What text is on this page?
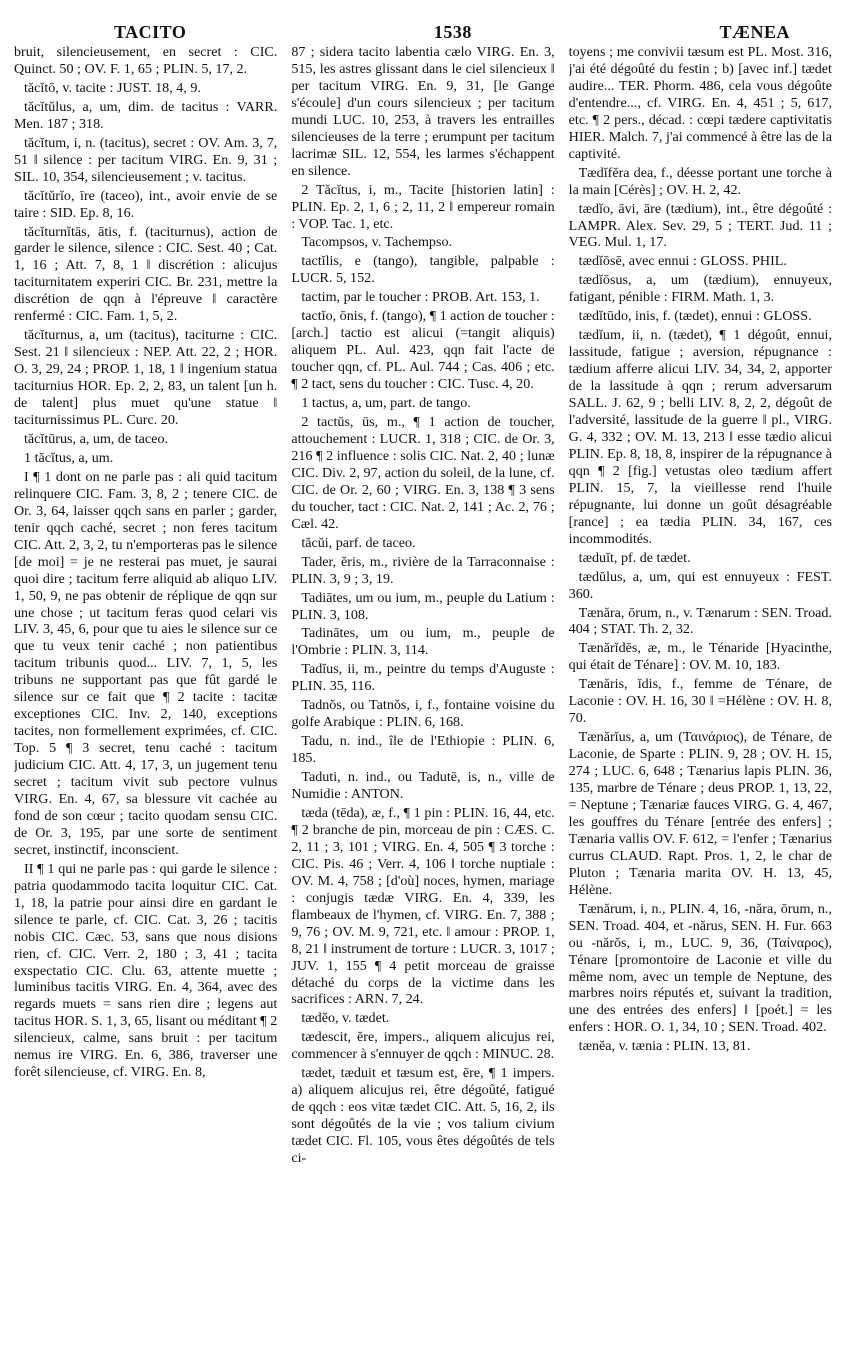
TACITO	1538	TÆNEA

bruit, silencieusement, en secret : CIC. Quinct. 50 ; OV. F. 1, 65 ; PLIN. 5, 17, 2.

tăcĭtō, v. tacite : JUST. 18, 4, 9.

tăcĭtŭlus, a, um, dim. de tacitus : VARR. Men. 187 ; 318.

tăcĭtum, i, n. (tacitus), secret : OV. Am. 3, 7, 51 ‖ silence : per tacitum VIRG. En. 9, 31 ; SIL. 10, 354, silencieusement ; v. tacitus.

tăcĭtŭrĭo, īre (taceo), int., avoir envie de se taire : SID. Ep. 8, 16.

tăcĭturnĭtās, ātis, f. (taciturnus), action de garder le silence, silence : CIC. Sest. 40 ; Cat. 1, 16 ; Att. 7, 8, 1 ‖ discrétion : alicujus taciturnitatem experiri CIC. Br. 231, mettre la discrétion de qqn à l'épreuve ‖ caractère renfermé : CIC. Fam. 1, 5, 2.

tăcĭturnus, a, um (tacitus), taciturne : CIC. Sest. 21 ‖ silencieux : NEP. Att. 22, 2 ; HOR. O. 3, 29, 24 ; PROP. 1, 18, 1 ‖ ingenium statua taciturnius HOR. Ep. 2, 2, 83, un talent [un h. de talent] plus muet qu'une statue ‖ taciturnissimus PL. Curc. 20.

tăcĭtūrus, a, um, de taceo.

1 tăcĭtus, a, um.

I ¶ 1 dont on ne parle pas : ali quid tacitum relinquere CIC. Fam. 3, 8, 2 ; tenere CIC. de Or. 3, 64, laisser qqch sans en parler ; garder, tenir qqch caché, secret ; non feres tacitum CIC. Att. 2, 3, 2, tu n'emporteras pas le silence [de moi] = je ne resterai pas muet, je saurai quoi dire ; tacitum ferre aliquid ab aliquo LIV. 1, 50, 9, ne pas obtenir de réplique de qqn sur une chose ; ut tacitum feras quod celari vis LIV. 3, 45, 6, pour que tu aies le silence sur ce que tu veux tenir caché ; non patientibus tacitum tribunis quod... LIV. 7, 1, 5, les tribuns ne supportant pas que fût gardé le silence sur ce fait que ¶ 2 tacite : tacitæ exceptiones CIC. Inv. 2, 140, exceptions tacites, non formellement exprimées, cf. CIC. Top. 5 ¶ 3 secret, tenu caché : tacitum judicium CIC. Att. 4, 17, 3, un jugement tenu secret ; tacitum vivit sub pectore vulnus VIRG. En. 4, 67, sa blessure vit cachée au fond de son cœur ; tacito quodam sensu CIC. de Or. 3, 195, par une sorte de sentiment secret, instinctif, inconscient.

II ¶ 1 qui ne parle pas : qui garde le silence : patria quodammodo tacita loquitur CIC. Cat. 1, 18, la patrie pour ainsi dire en gardant le silence te parle, cf. CIC. Cat. 3, 26 ; tacitis nobis CIC. Cæc. 53, sans que nous disions rien, cf. CIC. Verr. 2, 180 ; 3, 41 ; tacita exspectatio CIC. Clu. 63, attente muette ; luminibus tacitis VIRG. En. 4, 364, avec des regards muets = sans rien dire ; legens aut tacitus HOR. S. 1, 3, 65, lisant ou méditant ¶ 2 silencieux, calme, sans bruit : per tacitum nemus ire VIRG. En. 6, 386, traverser une forêt silencieuse, cf. VIRG. En. 8,

87 ; sidera tacito labentia cælo VIRG. En. 3, 515, les astres glissant dans le ciel silencieux ‖ per tacitum VIRG. En. 9, 31, [le Gange s'écoule] d'un cours silencieux ; per tacitum mundi LUC. 10, 253, à travers les entrailles silencieuses de la terre ; erumpunt per tacitum lacrimæ SIL. 12, 554, les larmes s'échappent en silence.

2 Tăcĭtus, i, m., Tacite [historien latin] : PLIN. Ep. 2, 1, 6 ; 2, 11, 2 ‖ empereur romain : VOP. Tac. 1, etc.

Tacompsos, v. Tachempso.

tactĭlis, e (tango), tangible, palpable : LUCR. 5, 152.

tactim, par le toucher : PROB. Art. 153, 1.

tactĭo, ōnis, f. (tango), ¶ 1 action de toucher : [arch.] tactio est alicui (=tangit aliquis) aliquem PL. Aul. 423, qqn fait l'acte de toucher qqn, cf. PL. Aul. 744 ; Cas. 406 ; etc. ¶ 2 tact, sens du toucher : CIC. Tusc. 4, 20.

1 tactus, a, um, part. de tango.

2 tactŭs, ūs, m., ¶ 1 action de toucher, attouchement : LUCR. 1, 318 ; CIC. de Or. 3, 216 ¶ 2 influence : solis CIC. Nat. 2, 40 ; lunæ CIC. Div. 2, 97, action du soleil, de la lune, cf. CIC. de Or. 2, 60 ; VIRG. En. 3, 138 ¶ 3 sens du toucher, tact : CIC. Nat. 2, 141 ; Ac. 2, 76 ; Cæl. 42.

tăcŭi, parf. de taceo.

Tader, ĕris, m., rivière de la Tarraconnaise : PLIN. 3, 9 ; 3, 19.

Tadiātes, um ou ium, m., peuple du Latium : PLIN. 3, 108.

Tadinātes, um ou ium, m., peuple de l'Ombrie : PLIN. 3, 114.

Tadĭus, ii, m., peintre du temps d'Auguste : PLIN. 35, 116.

Tadnŏs, ou Tatnŏs, i, f., fontaine voisine du golfe Arabique : PLIN. 6, 168.

Tadu, n. ind., île de l'Ethiopie : PLIN. 6, 185.

Taduti, n. ind., ou Tadutē, is, n., ville de Numidie : ANTON.

tæda (tēda), æ, f., ¶ 1 pin : PLIN. 16, 44, etc. ¶ 2 branche de pin, morceau de pin : CÆS. C. 2, 11 ; 3, 101 ; VIRG. En. 4, 505 ¶ 3 torche : CIC. Pis. 46 ; Verr. 4, 106 ‖ torche nuptiale : OV. M. 4, 758 ; [d'où] noces, hymen, mariage : conjugis tædæ VIRG. En. 4, 339, les flambeaux de l'hymen, cf. VIRG. En. 7, 388 ; 9, 76 ; OV. M. 9, 721, etc. ‖ amour : PROP. 1, 8, 21 ‖ instrument de torture : LUCR. 3, 1017 ; JUV. 1, 155 ¶ 4 petit morceau de graisse détaché du corps de la victime dans les sacrifices : ARN. 7, 24.

tædĕo, v. tædet.

tædescit, ĕre, impers., aliquem alicujus rei, commencer à s'ennuyer de qqch : MINUC. 28.

tædet, tæduit et tæsum est, ēre, ¶ 1 impers. a) aliquem alicujus rei, être dégoûté, fatigué de qqch : eos vitæ tædet CIC. Att. 5, 16, 2, ils sont dégoûtés de la vie ; vos talium civium tædet CIC. Fl. 105, vous êtes dégoûtés de tels ci-

toyens ; me convivii tæsum est PL. Most. 316, j'ai été dégoûté du festin ; b) [avec inf.] tædet audire... TER. Phorm. 486, cela vous dégoûte d'entendre..., cf. VIRG. En. 4, 451 ; 5, 617, etc. ¶ 2 pers., décad. : cœpi tædere captivitatis HIER. Malch. 7, j'ai commencé à être las de la captivité.

Tædĭfĕra dea, f., déesse portant une torche à la main [Cérès] ; OV. H. 2, 42.

tædĭo, āvi, āre (tædium), int., être dégoûté : LAMPR. Alex. Sev. 29, 5 ; TERT. Jud. 11 ; VEG. Mul. 1, 17.

tædĭōsē, avec ennui : GLOSS. PHIL.

tædĭōsus, a, um (tædium), ennuyeux, fatigant, pénible : FIRM. Math. 1, 3.

tædĭtūdo, inis, f. (tædet), ennui : GLOSS.

tædĭum, ii, n. (tædet), ¶ 1 dégoût, ennui, lassitude, fatigue ; aversion, répugnance : tædium afferre alicui LIV. 34, 34, 2, apporter de la lassitude à qqn ; rerum adversarum SALL. J. 62, 9 ; belli LIV. 8, 2, 2, dégoût de l'adversité, lassitude de la guerre ‖ pl., VIRG. G. 4, 332 ; OV. M. 13, 213 ‖ esse tædio alicui PLIN. Ep. 8, 18, 8, inspirer de la répugnance à qqn ¶ 2 [fig.] vetustas oleo tædium affert PLIN. 15, 7, la vieillesse rend l'huile répugnante, lui donne un goût désagréable [rance] ; ea tædia PLIN. 34, 167, ces incommodités.

tæduĭt, pf. de tædet.

tædŭlus, a, um, qui est ennuyeux : FEST. 360.

Tænăra, ōrum, n., v. Tænarum : SEN. Troad. 404 ; STAT. Th. 2, 32.

Tænărĭdēs, æ, m., le Ténaride [Hyacinthe, qui était de Ténare] : OV. M. 10, 183.

Tænăris, ĭdis, f., femme de Ténare, de Laconie : OV. H. 16, 30 ‖ =Hélène : OV. H. 8, 70.

Tænărĭus, a, um (Ταινάριος), de Ténare, de Laconie, de Sparte : PLIN. 9, 28 ; OV. H. 15, 274 ; LUC. 6, 648 ; Tænarius lapis PLIN. 36, 135, marbre de Ténare ; deus PROP. 1, 13, 22, = Neptune ; Tænariæ fauces VIRG. G. 4, 467, les gouffres du Ténare [entrée des enfers] ; Tænaria vallis OV. F. 612, = l'enfer ; Tænarius currus CLAUD. Rapt. Pros. 1, 2, le char de Pluton ; Tænaria marita OV. H. 13, 45, Hélène.

Tænărum, i, n., PLIN. 4, 16, -năra, ōrum, n., SEN. Troad. 404, et -nărus, SEN. H. Fur. 663 ou -nărŏs, i, m., LUC. 9, 36, (Ταίναρος), Ténare [promontoire de Laconie et ville du même nom, avec un temple de Neptune, des marbres noirs réputés et, suivant la tradition, une des entrées des enfers] ‖ [poét.] = les enfers : HOR. O. 1, 34, 10 ; SEN. Troad. 402.

tænĕa, v. tænia : PLIN. 13, 81.
